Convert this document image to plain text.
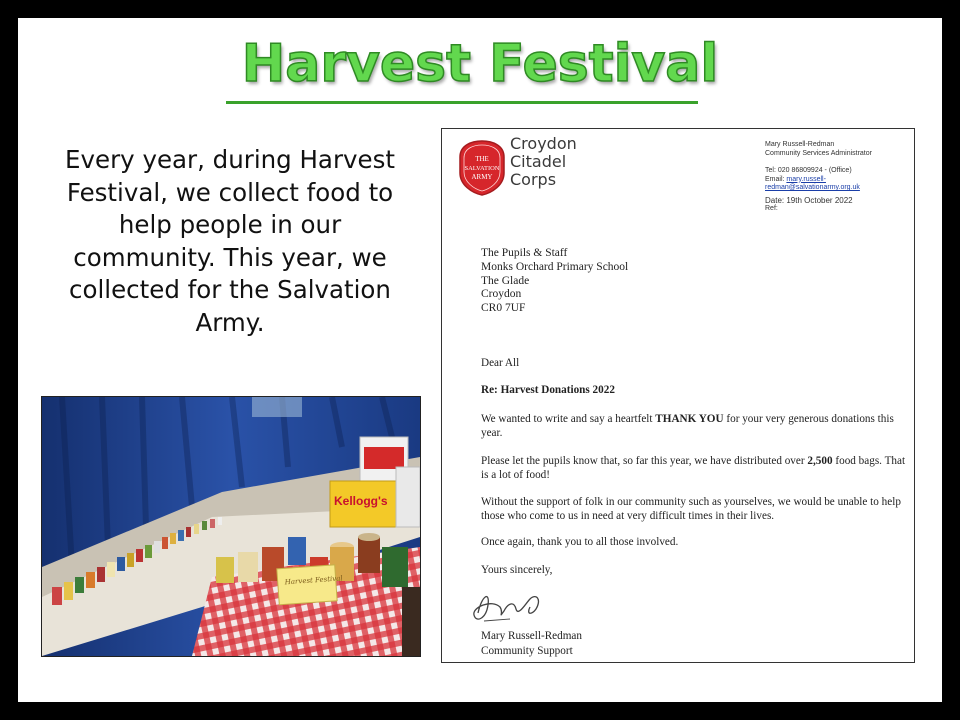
Harvest Festival
Every year, during Harvest
Festival, we collect food to
help people in our
community. This year, we
collected for the Salvation
Army.
Kellogg's
Harvest Festival
THE
SALVATION
ARMY
Croydon
Citadel
Corps
Mary Russell-Redman
Community Services Administrator
Tel: 020 86809924 - (Office)
Email: mary.russell-
redman@salvationarmy.org.uk
Date: 19th October 2022
Ref:
The Pupils & Staff
Monks Orchard Primary School
The Glade
Croydon
CR0 7UF
Dear All
Re: Harvest Donations 2022
We wanted to write and say a heartfelt THANK YOU for your very generous donations this year.
Please let the pupils know that, so far this year, we have distributed over 2,500 food bags. That is a lot of food!
Without the support of folk in our community such as yourselves, we would be unable to help those who come to us in need at very difficult times in their lives.
Once again, thank you to all those involved.
Yours sincerely,
Mary Russell-Redman
Community Support
